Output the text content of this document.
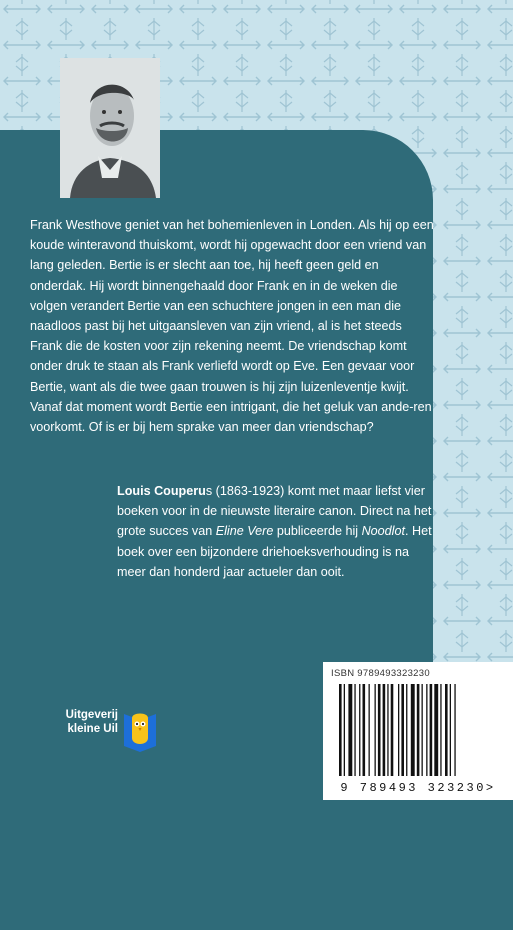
Frank Westhove geniet van het bohemienleven in Londen. Als hij op een koude winteravond thuiskomt, wordt hij opgewacht door een vriend van lang geleden. Bertie is er slecht aan toe, hij heeft geen geld en onderdak. Hij wordt binnengehaald door Frank en in de weken die volgen verandert Bertie van een schuchtere jongen in een man die naadloos past bij het uitgaansleven van zijn vriend, al is het steeds Frank die de kosten voor zijn rekening neemt. De vriendschap komt onder druk te staan als Frank verliefd wordt op Eve. Een gevaar voor Bertie, want als die twee gaan trouwen is hij zijn luizenleventje kwijt. Vanaf dat moment wordt Bertie een intrigant, die het geluk van ande-ren voorkomt. Of is er bij hem sprake van meer dan vriendschap?

Louis Couperus (1863-1923) komt met maar liefst vier boeken voor in de nieuwste literaire canon. Direct na het grote succes van Eline Vere publiceerde hij Noodlot. Het boek over een bijzondere driehoeksverhouding is na meer dan honderd jaar actueler dan ooit.

Uitgeverij
kleine Uil
ISBN 9789493323230
9 789493 323230>
